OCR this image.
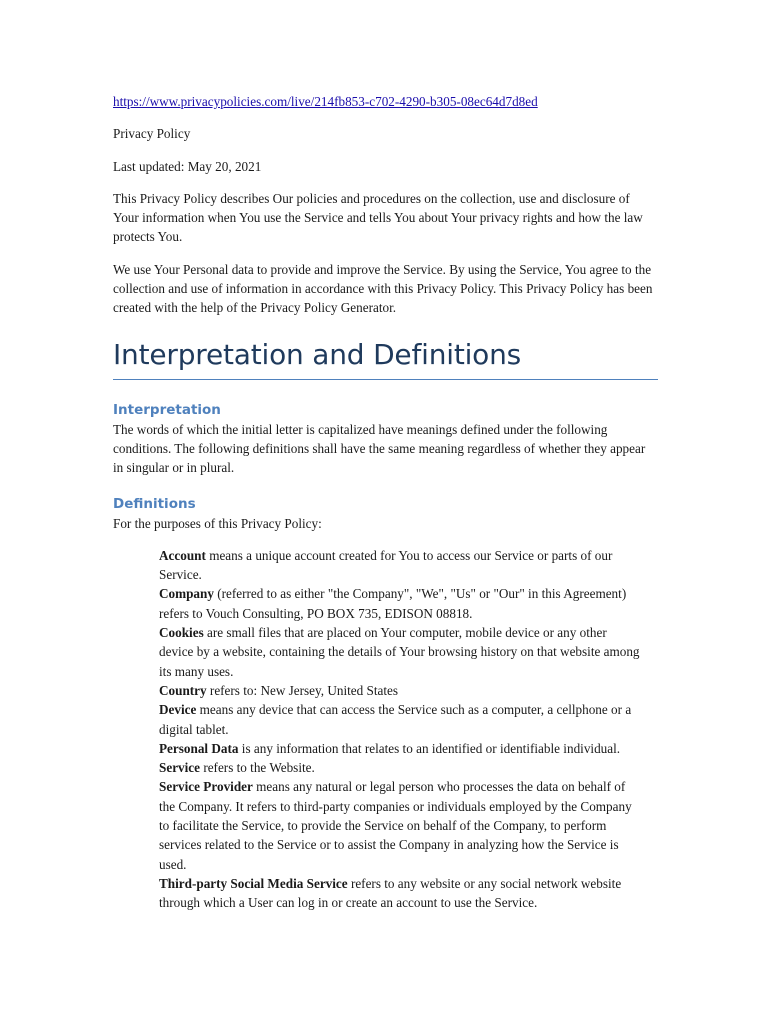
https://www.privacypolicies.com/live/214fb853-c702-4290-b305-08ec64d7d8ed

Privacy Policy

Last updated: May 20, 2021

This Privacy Policy describes Our policies and procedures on the collection, use and disclosure of Your information when You use the Service and tells You about Your privacy rights and how the law protects You.

We use Your Personal data to provide and improve the Service. By using the Service, You agree to the collection and use of information in accordance with this Privacy Policy. This Privacy Policy has been created with the help of the Privacy Policy Generator.

Interpretation and Definitions
Interpretation

The words of which the initial letter is capitalized have meanings defined under the following conditions. The following definitions shall have the same meaning regardless of whether they appear in singular or in plural.

Definitions

For the purposes of this Privacy Policy:

Account means a unique account created for You to access our Service or parts of our Service.
Company (referred to as either "the Company", "We", "Us" or "Our" in this Agreement) refers to Vouch Consulting, PO BOX 735, EDISON 08818.
Cookies are small files that are placed on Your computer, mobile device or any other device by a website, containing the details of Your browsing history on that website among its many uses.
Country refers to: New Jersey, United States
Device means any device that can access the Service such as a computer, a cellphone or a digital tablet.
Personal Data is any information that relates to an identified or identifiable individual.
Service refers to the Website.
Service Provider means any natural or legal person who processes the data on behalf of the Company. It refers to third-party companies or individuals employed by the Company to facilitate the Service, to provide the Service on behalf of the Company, to perform services related to the Service or to assist the Company in analyzing how the Service is used.
Third-party Social Media Service refers to any website or any social network website through which a User can log in or create an account to use the Service.
